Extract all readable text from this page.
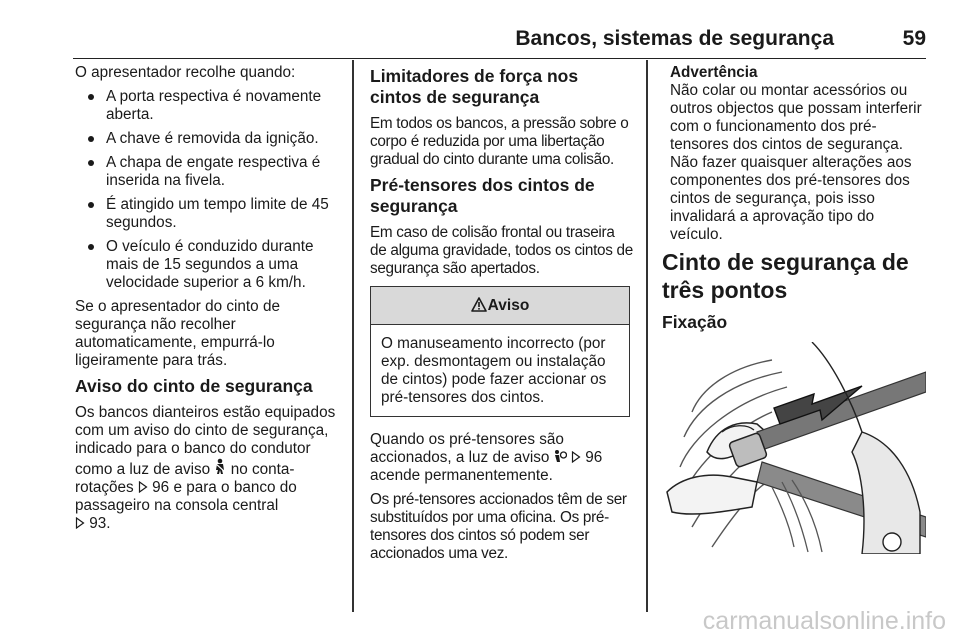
Bancos, sistemas de segurança	59

O apresentador recolhe quando:

A porta respectiva é novamente aberta.
A chave é removida da ignição.
A chapa de engate respectiva é inserida na fivela.
É atingido um tempo limite de 45 segundos.
O veículo é conduzido durante mais de 15 segundos a uma velocidade superior a 6 km/h.

Se o apresentador do cinto de segurança não recolher automaticamente, empurrá-lo ligeiramente para trás.

Aviso do cinto de segurança

Os bancos dianteiros estão equipados com um aviso do cinto de segurança, indicado para o banco do condutor como a luz de aviso no conta-rotações 96 e para o banco do passageiro na consola central
93.

Limitadores de força nos cintos de segurança

Em todos os bancos, a pressão sobre o corpo é reduzida por uma libertação gradual do cinto durante uma colisão.

Pré-tensores dos cintos de segurança

Em caso de colisão frontal ou traseira de alguma gravidade, todos os cintos de segurança são apertados.

Aviso
O manuseamento incorrecto (por exp. desmontagem ou instalação de cintos) pode fazer accionar os pré-tensores dos cintos.

Quando os pré-tensores são accionados, a luz de aviso 96 acende permanentemente.

Os pré-tensores accionados têm de ser substituídos por uma oficina. Os pré-tensores dos cintos só podem ser accionados uma vez.

Advertência
Não colar ou montar acessórios ou outros objectos que possam interferir com o funcionamento dos pré-tensores dos cintos de segurança. Não fazer quaisquer alterações aos componentes dos pré-tensores dos cintos de segurança, pois isso invalidará a aprovação tipo do veículo.
Cinto de segurança de três pontos
Fixação
carmanualsonline.info
